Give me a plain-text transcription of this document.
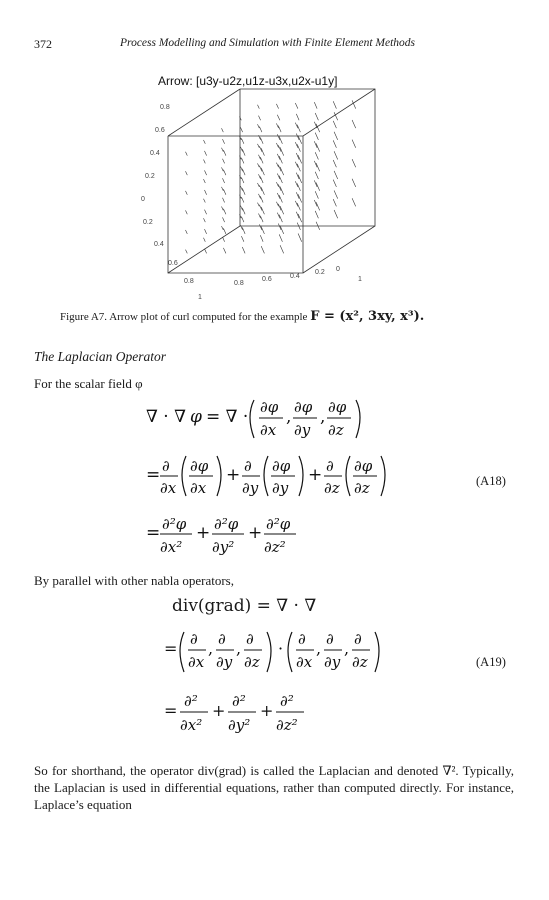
372	Process Modelling and Simulation with Finite Element Methods
Arrow: [u3y-u2z,u1z-u3x,u2x-u1y]
0.8
0.6
0.4
0.2
0
0.2
0.4
0.6
0.8
1
0.8
0.6	0.4
0.2 0
1
Figure A7. Arrow plot of curl computed for the example F = (x², 3xy, x³).
The Laplacian Operator
For the scalar field φ
∇ · ∇ φ = ∇ · ∂φ
∂x
, ∂φ
∂y
, ∂φ
∂z
= ∂
∂x
∂φ
∂x
+ ∂
∂y
∂φ
∂y
+ ∂
∂z
∂φ
∂z
= ∂²φ
∂x²
+ ∂²φ
∂y²
+ ∂²φ
∂z²
(A18)
By parallel with other nabla operators,
div(grad) = ∇ · ∇
= ∂
∂x
, ∂
∂y
, ∂
∂z
· ∂
∂x
, ∂
∂y
, ∂
∂z
= ∂²
∂x²
+ ∂²
∂y²
+ ∂²
∂z²
(A19)
So for shorthand, the operator div(grad) is called the Laplacian and denoted ∇². Typically, the Laplacian is used in differential equations, rather than computed directly. For instance, Laplace’s equation
